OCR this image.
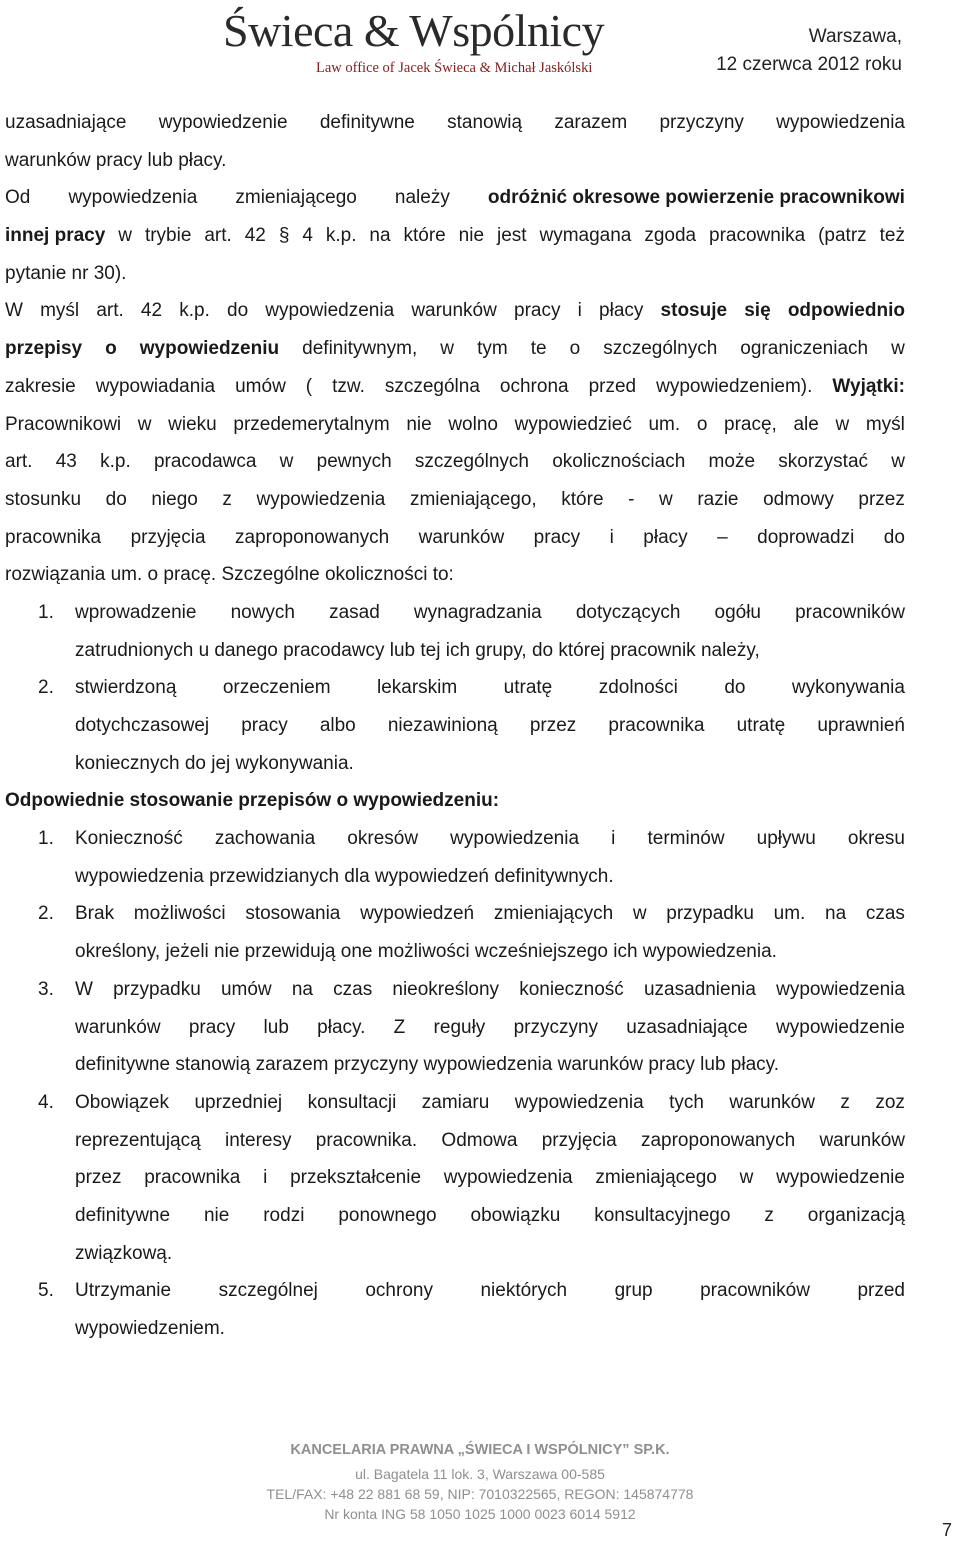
Świeca & Wspólnicy
Law office of Jacek Świeca & Michał Jaskólski
Warszawa,
12 czerwca 2012 roku
uzasadniające wypowiedzenie definitywne stanowią zarazem przyczyny wypowiedzenia
warunków pracy lub płacy.
Od wypowiedzenia zmieniającego należy odróżnić okresowe powierzenie pracownikowi
innej pracy w trybie art. 42 § 4 k.p. na które nie jest wymagana zgoda pracownika (patrz też
pytanie nr 30).
W myśl art. 42 k.p. do wypowiedzenia warunków pracy i płacy stosuje się odpowiednio
przepisy o wypowiedzeniu definitywnym, w tym te o szczególnych ograniczeniach w
zakresie wypowiadania umów ( tzw. szczególna ochrona przed wypowiedzeniem). Wyjątki:
Pracownikowi w wieku przedemerytalnym nie wolno wypowiedzieć um. o pracę, ale w myśl
art. 43 k.p. pracodawca w pewnych szczególnych okolicznościach może skorzystać w
stosunku do niego z wypowiedzenia zmieniającego, które - w razie odmowy przez
pracownika przyjęcia zaproponowanych warunków pracy i płacy – doprowadzi do
rozwiązania um. o pracę. Szczególne okoliczności to:
1. wprowadzenie nowych zasad wynagradzania dotyczących ogółu pracowników
zatrudnionych u danego pracodawcy lub tej ich grupy, do której pracownik należy,
2. stwierdzoną orzeczeniem lekarskim utratę zdolności do wykonywania
dotychczasowej pracy albo niezawinioną przez pracownika utratę uprawnień
koniecznych do jej wykonywania.
Odpowiednie stosowanie przepisów o wypowiedzeniu:
1. Konieczność zachowania okresów wypowiedzenia i terminów upływu okresu
wypowiedzenia przewidzianych dla wypowiedzeń definitywnych.
2. Brak możliwości stosowania wypowiedzeń zmieniających w przypadku um. na czas
określony, jeżeli nie przewidują one możliwości wcześniejszego ich wypowiedzenia.
3. W przypadku umów na czas nieokreślony konieczność uzasadnienia wypowiedzenia
warunków pracy lub płacy. Z reguły przyczyny uzasadniające wypowiedzenie
definitywne stanowią zarazem przyczyny wypowiedzenia warunków pracy lub płacy.
4. Obowiązek uprzedniej konsultacji zamiaru wypowiedzenia tych warunków z zoz
reprezentującą interesy pracownika. Odmowa przyjęcia zaproponowanych warunków
przez pracownika i przekształcenie wypowiedzenia zmieniającego w wypowiedzenie
definitywne nie rodzi ponownego obowiązku konsultacyjnego z organizacją
związkową.
5. Utrzymanie	szczególnej	ochrony	niektórych	grup	pracowników	przed
wypowiedzeniem.
KANCELARIA PRAWNA „ŚWIECA I WSPÓLNICY” SP.K.
ul. Bagatela 11 lok. 3, Warszawa 00-585
TEL/FAX: +48 22 881 68 59, NIP: 7010322565, REGON: 145874778
Nr konta ING 58 1050 1025 1000 0023 6014 5912
7
